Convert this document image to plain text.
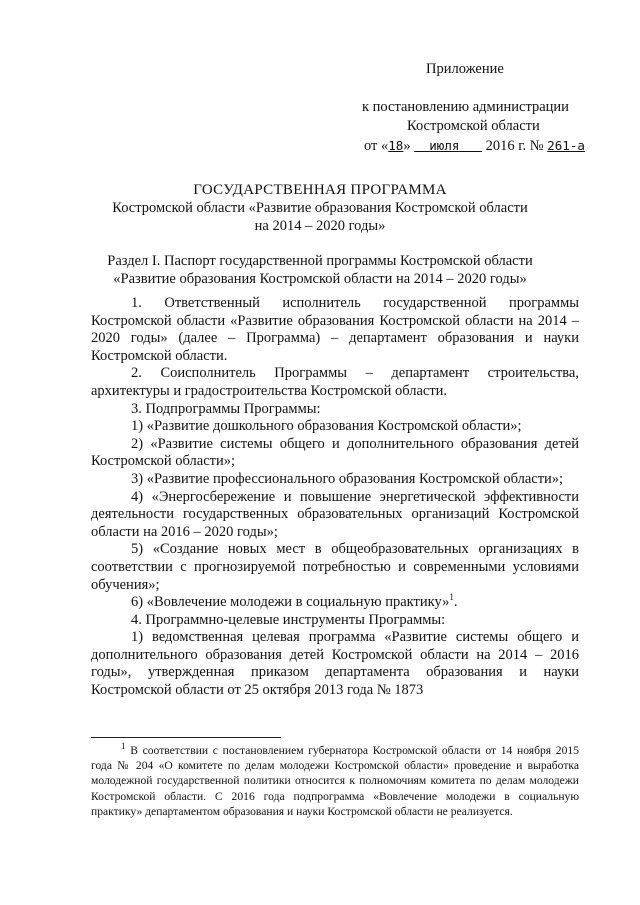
Приложение
к постановлению администрации
Костромской области
от «18» июля 2016 г. № 261-а
ГОСУДАРСТВЕННАЯ ПРОГРАММА
Костромской области «Развитие образования Костромской области
на 2014 – 2020 годы»
Раздел I. Паспорт государственной программы Костромской области
«Развитие образования Костромской области на 2014 – 2020 годы»

1. Ответственный исполнитель государственной программы Костромской области «Развитие образования Костромской области на 2014 – 2020 годы» (далее – Программа) – департамент образования и науки Костромской области.

2. Соисполнитель Программы – департамент строительства, архитектуры и градостроительства Костромской области.

3. Подпрограммы Программы:

1) «Развитие дошкольного образования Костромской области»;

2) «Развитие системы общего и дополнительного образования детей Костромской области»;

3) «Развитие профессионального образования Костромской области»;

4) «Энергосбережение и повышение энергетической эффективности деятельности государственных образовательных организаций Костромской области на 2016 – 2020 годы»;

5) «Создание новых мест в общеобразовательных организациях в соответствии с прогнозируемой потребностью и современными условиями обучения»;

6) «Вовлечение молодежи в социальную практику»$^1$.

4. Программно-целевые инструменты Программы:

1) ведомственная целевая программа «Развитие системы общего и дополнительного образования детей Костромской области на 2014 – 2016 годы», утвержденная приказом департамента образования и науки Костромской области от 25 октября 2013 года № 1873

$^1$ В соответствии с постановлением губернатора Костромской области от 14 ноября 2015 года № 204 «О комитете по делам молодежи Костромской области» проведение и выработка молодежной государственной политики относится к полномочиям комитета по делам молодежи Костромской области. С 2016 года подпрограмма «Вовлечение молодежи в социальную практику» департаментом образования и науки Костромской области не реализуется.
